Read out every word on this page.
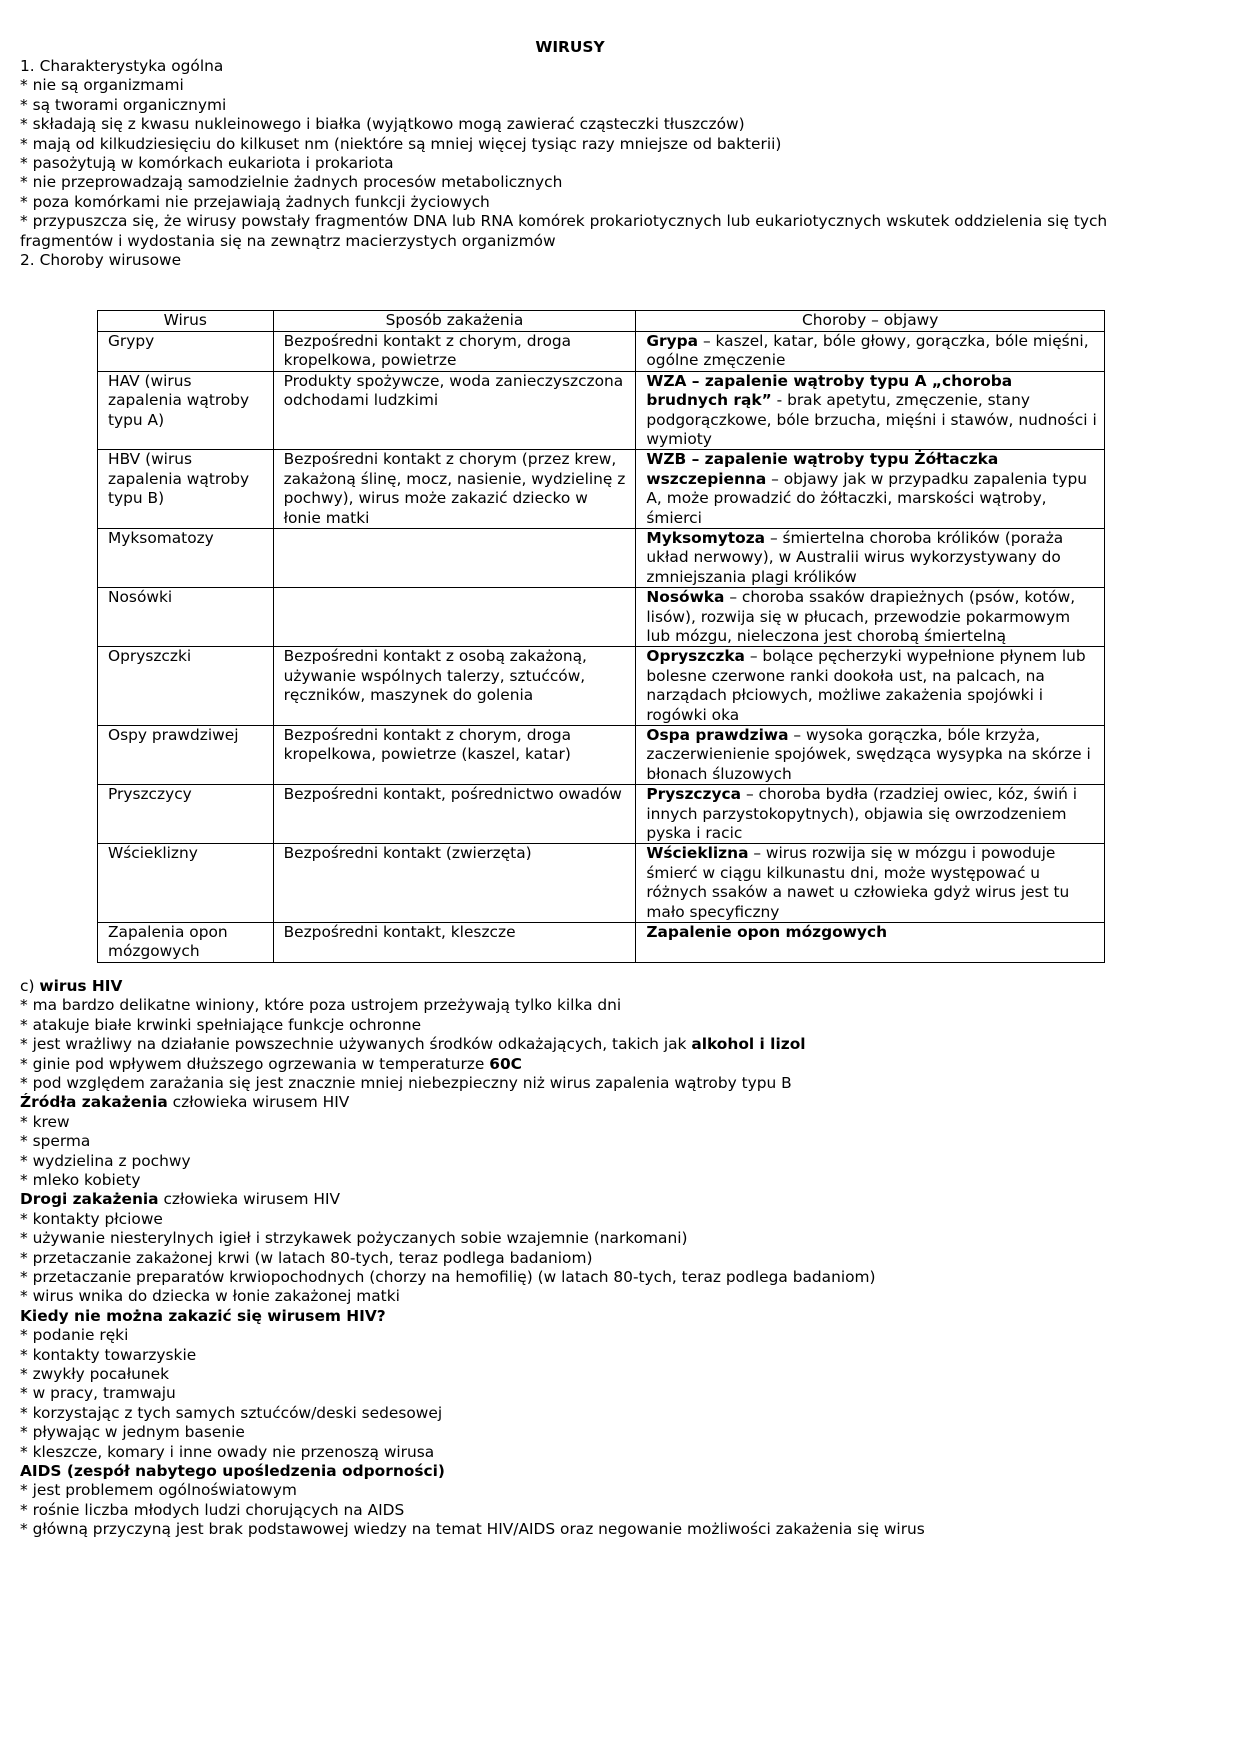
WIRUSY
1. Charakterystyka ogólna
* nie są organizmami
* są tworami organicznymi
* składają się z kwasu nukleinowego i białka (wyjątkowo mogą zawierać cząsteczki tłuszczów)
* mają od kilkudziesięciu do kilkuset nm (niektóre są mniej więcej tysiąc razy mniejsze od bakterii)
* pasożytują w komórkach eukariota i prokariota
* nie przeprowadzają samodzielnie żadnych procesów metabolicznych
* poza komórkami nie przejawiają żadnych funkcji życiowych
* przypuszcza się, że wirusy powstały fragmentów DNA lub RNA komórek prokariotycznych lub eukariotycznych wskutek oddzielenia się tych fragmentów i wydostania się na zewnątrz macierzystych organizmów
2. Choroby wirusowe
Wirus	Sposób zakażenia	Choroby – objawy
Grypy	Bezpośredni kontakt z chorym, droga kropelkowa, powietrze	Grypa – kaszel, katar, bóle głowy, gorączka, bóle mięśni, ogólne zmęczenie
HAV (wirus zapalenia wątroby typu A)	Produkty spożywcze, woda zanieczyszczona odchodami ludzkimi	WZA – zapalenie wątroby typu A „choroba brudnych rąk” - brak apetytu, zmęczenie, stany podgorączkowe, bóle brzucha, mięśni i stawów, nudności i wymioty
HBV (wirus zapalenia wątroby typu B)	Bezpośredni kontakt z chorym (przez krew, zakażoną ślinę, mocz, nasienie, wydzielinę z pochwy), wirus może zakazić dziecko w łonie matki	WZB – zapalenie wątroby typu Żółtaczka wszczepienna – objawy jak w przypadku zapalenia typu A, może prowadzić do żółtaczki, marskości wątroby, śmierci
Myksomatozy		Myksomytoza – śmiertelna choroba królików (poraża układ nerwowy), w Australii wirus wykorzystywany do zmniejszania plagi królików
Nosówki		Nosówka – choroba ssaków drapieżnych (psów, kotów, lisów), rozwija się w płucach, przewodzie pokarmowym lub mózgu, nieleczona jest chorobą śmiertelną
Opryszczki	Bezpośredni kontakt z osobą zakażoną, używanie wspólnych talerzy, sztućców, ręczników, maszynek do golenia	Opryszczka – bolące pęcherzyki wypełnione płynem lub bolesne czerwone ranki dookoła ust, na palcach, na narządach płciowych, możliwe zakażenia spojówki i rogówki oka
Ospy prawdziwej	Bezpośredni kontakt z chorym, droga kropelkowa, powietrze (kaszel, katar)	Ospa prawdziwa – wysoka gorączka, bóle krzyża, zaczerwienienie spojówek, swędząca wysypka na skórze i błonach śluzowych
Pryszczycy	Bezpośredni kontakt, pośrednictwo owadów	Pryszczyca – choroba bydła (rzadziej owiec, kóz, świń i innych parzystokopytnych), objawia się owrzodzeniem pyska i racic
Wścieklizny	Bezpośredni kontakt (zwierzęta)	Wścieklizna – wirus rozwija się w mózgu i powoduje śmierć w ciągu kilkunastu dni, może występować u różnych ssaków a nawet u człowieka gdyż wirus jest tu mało specyficzny
Zapalenia opon mózgowych	Bezpośredni kontakt, kleszcze	Zapalenie opon mózgowych
c) wirus HIV
* ma bardzo delikatne winiony, które poza ustrojem przeżywają tylko kilka dni
* atakuje białe krwinki spełniające funkcje ochronne
* jest wrażliwy na działanie powszechnie używanych środków odkażających, takich jak alkohol i lizol
* ginie pod wpływem dłuższego ogrzewania w temperaturze 60C
* pod względem zarażania się jest znacznie mniej niebezpieczny niż wirus zapalenia wątroby typu B
Źródła zakażenia człowieka wirusem HIV
* krew
* sperma
* wydzielina z pochwy
* mleko kobiety
Drogi zakażenia człowieka wirusem HIV
* kontakty płciowe
* używanie niesterylnych igieł i strzykawek pożyczanych sobie wzajemnie (narkomani)
* przetaczanie zakażonej krwi (w latach 80-tych, teraz podlega badaniom)
* przetaczanie preparatów krwiopochodnych (chorzy na hemofilię) (w latach 80-tych, teraz podlega badaniom)
* wirus wnika do dziecka w łonie zakażonej matki
Kiedy nie można zakazić się wirusem HIV?
* podanie ręki
* kontakty towarzyskie
* zwykły pocałunek
* w pracy, tramwaju
* korzystając z tych samych sztućców/deski sedesowej
* pływając w jednym basenie
* kleszcze, komary i inne owady nie przenoszą wirusa
AIDS (zespół nabytego upośledzenia odporności)
* jest problemem ogólnoświatowym
* rośnie liczba młodych ludzi chorujących na AIDS
* główną przyczyną jest brak podstawowej wiedzy na temat HIV/AIDS oraz negowanie możliwości zakażenia się wirus
